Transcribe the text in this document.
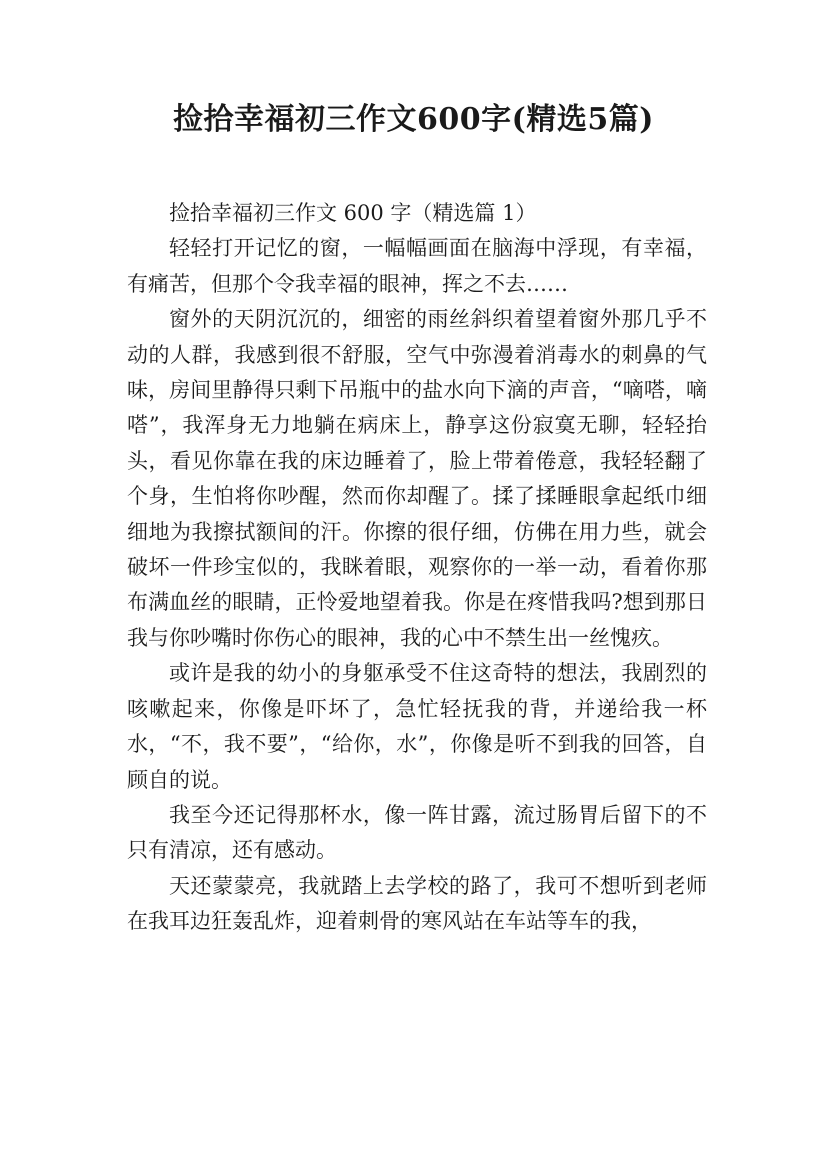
捡拾幸福初三作文600字(精选5篇)

捡拾幸福初三作文 600 字（精选篇 1）

轻轻打开记忆的窗，一幅幅画面在脑海中浮现，有幸福，有痛苦，但那个令我幸福的眼神，挥之不去……

窗外的天阴沉沉的，细密的雨丝斜织着望着窗外那几乎不动的人群，我感到很不舒服，空气中弥漫着消毒水的刺鼻的气味，房间里静得只剩下吊瓶中的盐水向下滴的声音，“嘀嗒，嘀嗒”，我浑身无力地躺在病床上，静享这份寂寞无聊，轻轻抬头，看见你靠在我的床边睡着了，脸上带着倦意，我轻轻翻了个身，生怕将你吵醒，然而你却醒了。揉了揉睡眼拿起纸巾细细地为我擦拭额间的汗。你擦的很仔细，仿佛在用力些，就会破坏一件珍宝似的，我眯着眼，观察你的一举一动，看着你那布满血丝的眼睛，正怜爱地望着我。你是在疼惜我吗?想到那日我与你吵嘴时你伤心的眼神，我的心中不禁生出一丝愧疚。

或许是我的幼小的身躯承受不住这奇特的想法，我剧烈的咳嗽起来，你像是吓坏了，急忙轻抚我的背，并递给我一杯水，“不，我不要”，“给你，水”，你像是听不到我的回答，自顾自的说。

我至今还记得那杯水，像一阵甘露，流过肠胃后留下的不只有清凉，还有感动。

天还蒙蒙亮，我就踏上去学校的路了，我可不想听到老师在我耳边狂轰乱炸，迎着刺骨的寒风站在车站等车的我，
